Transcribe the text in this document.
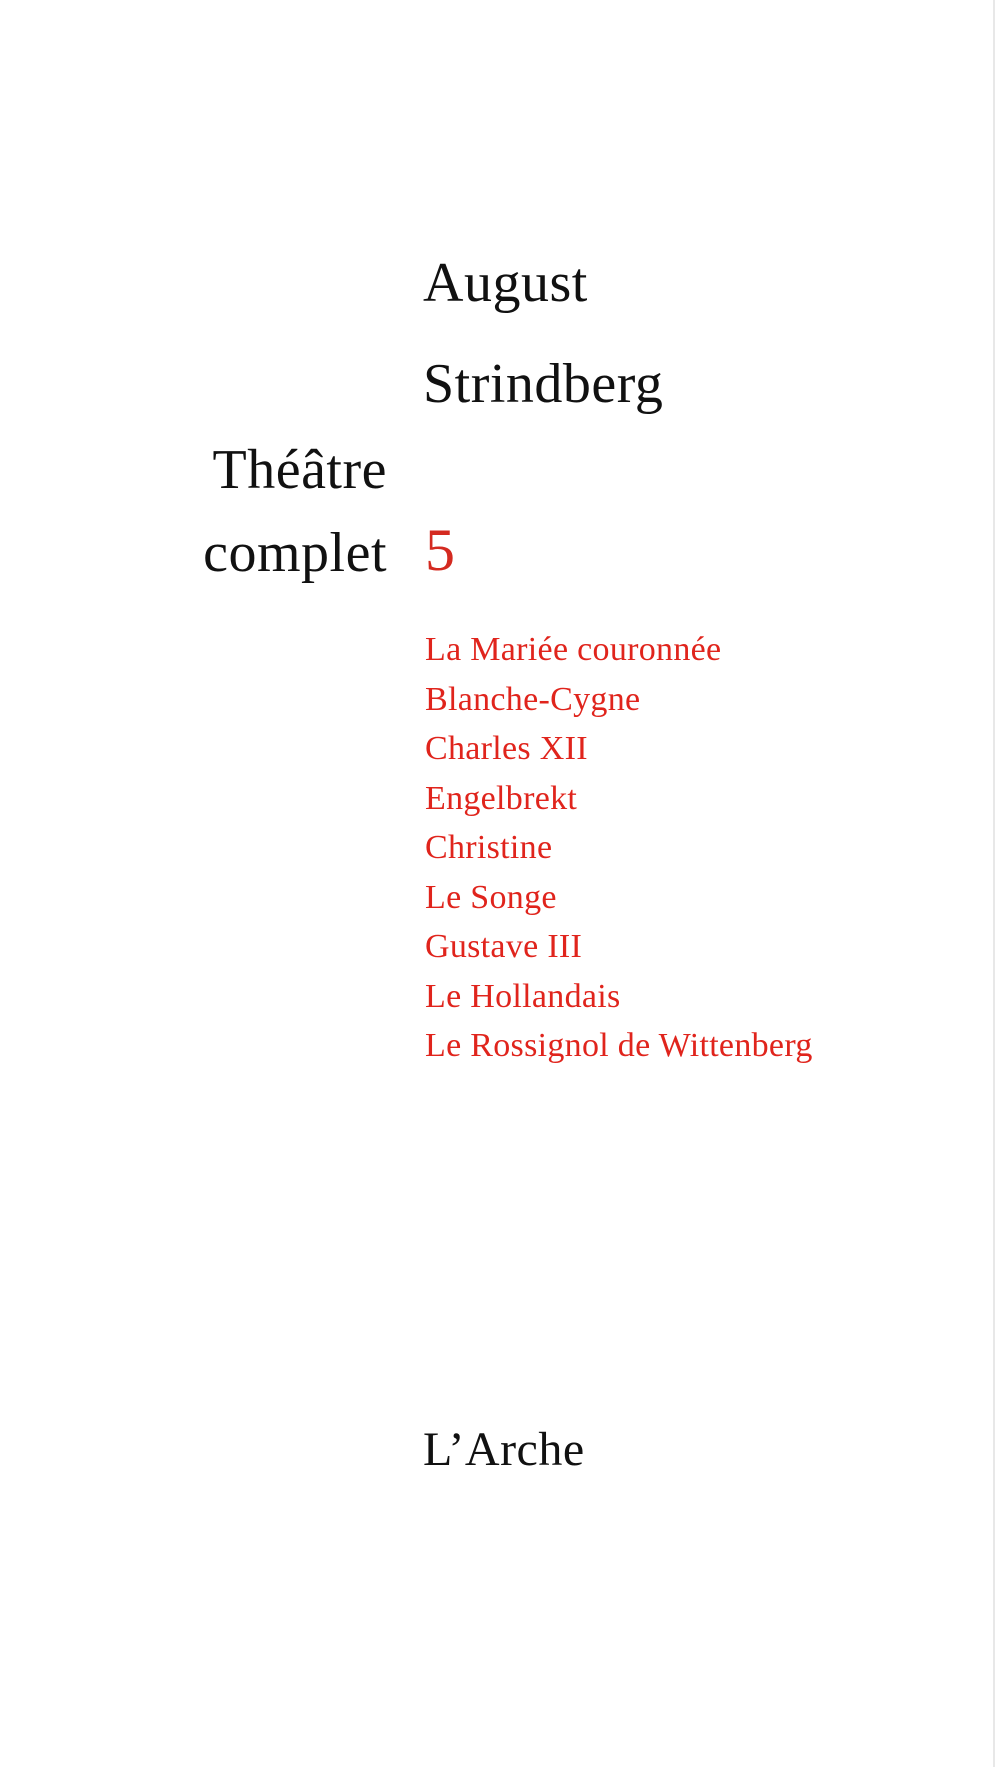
August
Strindberg
Théâtre
complet 5
La Mariée couronnée
Blanche-Cygne
Charles XII
Engelbrekt
Christine
Le Songe
Gustave III
Le Hollandais
Le Rossignol de Wittenberg
L’Arche
